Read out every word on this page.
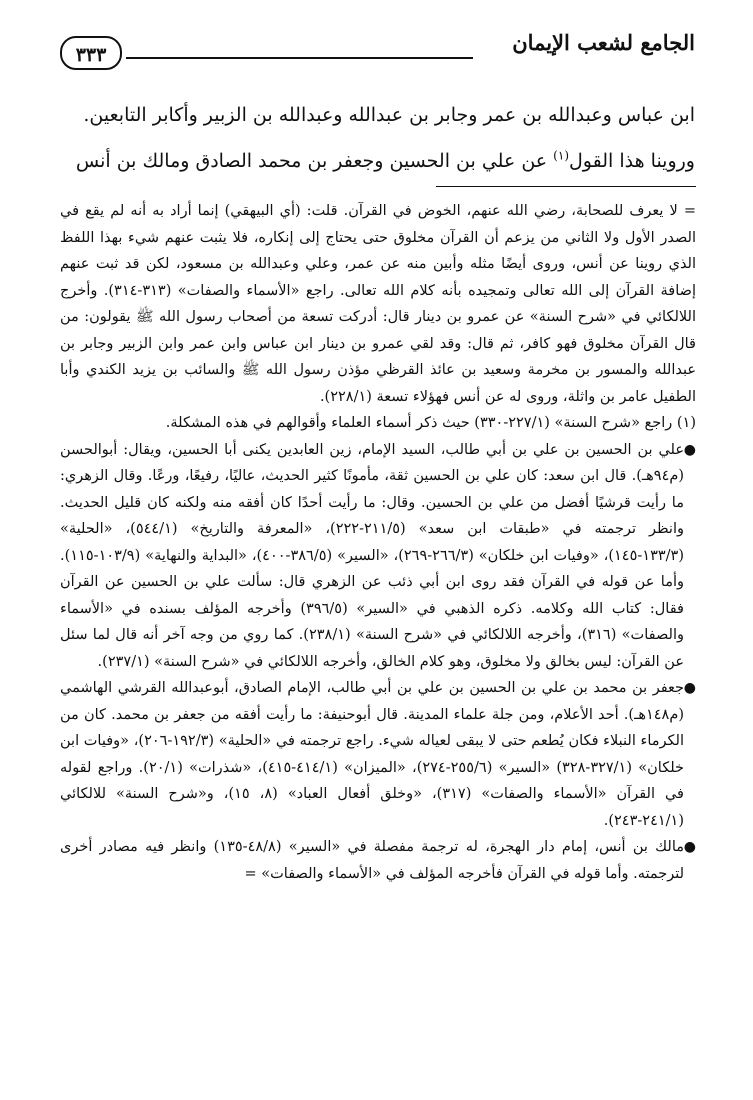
الجامع لشعب الإيمان
٣٣٣

ابن عباس وعبدالله بن عمر وجابر بن عبدالله وعبدالله بن الزبير وأكابر التابعين.

وروينا هذا القول$^{(١)}$ عن علي بن الحسين وجعفر بن محمد الصادق ومالك بن أنس

= لا يعرف للصحابة، رضي الله عنهم، الخوض في القرآن. قلت: (أي البيهقي) إنما أراد به أنه لم يقع في الصدر الأول ولا الثاني من يزعم أن القرآن مخلوق حتى يحتاج إلى إنكاره، فلا يثبت عنهم شيء بهذا اللفظ الذي روينا عن أنس، وروى أيضًا مثله وأبين منه عن عمر، وعلي وعبدالله بن مسعود، لكن قد ثبت عنهم إضافة القرآن إلى الله تعالى وتمجيده بأنه كلام الله تعالى. راجع «الأسماء والصفات» (٣١٣-٣١٤). وأخرج اللالكائي في «شرح السنة» عن عمرو بن دينار قال: أدركت تسعة من أصحاب رسول الله ﷺ يقولون: من قال القرآن مخلوق فهو كافر، ثم قال: وقد لقي عمرو بن دينار ابن عباس وابن عمر وابن الزبير وجابر بن عبدالله والمسور بن مخرمة وسعيد بن عائذ القرظي مؤذن رسول الله ﷺ والسائب بن يزيد الكندي وأبا الطفيل عامر بن واثلة، وروى له عن أنس فهؤلاء تسعة (٢٢٨/١).

(١) راجع «شرح السنة» (٢٢٧/١-٣٣٠) حيث ذكر أسماء العلماء وأقوالهم في هذه المشكلة.

●
علي بن الحسين بن علي بن أبي طالب، السيد الإمام، زين العابدين يكنى أبا الحسين، ويقال: أبوالحسن (م٩٤هـ). قال ابن سعد: كان علي بن الحسين ثقة، مأمونًا كثير الحديث، عاليًا، رفيعًا، ورعًا. وقال الزهري: ما رأيت قرشيًا أفضل من علي بن الحسين. وقال: ما رأيت أحدًا كان أفقه منه ولكنه كان قليل الحديث. وانظر ترجمته في «طبقات ابن سعد» (٢١١/٥-٢٢٢)، «المعرفة والتاريخ» (٥٤٤/١)، «الحلية» (١٣٣/٣-١٤٥)، «وفيات ابن خلكان» (٢٦٦/٣-٢٦٩)، «السير» (٣٨٦/٥-٤٠٠)، «البداية والنهاية» (١٠٣/٩-١١٥). وأما عن قوله في القرآن فقد روى ابن أبي ذئب عن الزهري قال: سألت علي بن الحسين عن القرآن فقال: كتاب الله وكلامه. ذكره الذهبي في «السير» (٣٩٦/٥) وأخرجه المؤلف بسنده في «الأسماء والصفات» (٣١٦)، وأخرجه اللالكائي في «شرح السنة» (٢٣٨/١). كما روي من وجه آخر أنه قال لما سئل عن القرآن: ليس بخالق ولا مخلوق، وهو كلام الخالق، وأخرجه اللالكائي في «شرح السنة» (٢٣٧/١).

●
جعفر بن محمد بن علي بن الحسين بن علي بن أبي طالب، الإمام الصادق، أبوعبدالله القرشي الهاشمي (م١٤٨هـ). أحد الأعلام، ومن جلة علماء المدينة. قال أبوحنيفة: ما رأيت أفقه من جعفر بن محمد. كان من الكرماء النبلاء فكان يُطعم حتى لا يبقى لعياله شيء. راجع ترجمته في «الحلية» (١٩٢/٣-٢٠٦)، «وفيات ابن خلكان» (٣٢٧/١-٣٢٨) «السير» (٢٥٥/٦-٢٧٤)، «الميزان» (٤١٤/١-٤١٥)، «شذرات» (٢٠/١). وراجع لقوله في القرآن «الأسماء والصفات» (٣١٧)، «وخلق أفعال العباد» (٨، ١٥)، و«شرح السنة» للالكائي (٢٤١/١-٢٤٣).

●
مالك بن أنس، إمام دار الهجرة، له ترجمة مفصلة في «السير» (٤٨/٨-١٣٥) وانظر فيه مصادر أخرى لترجمته. وأما قوله في القرآن فأخرجه المؤلف في «الأسماء والصفات» =
